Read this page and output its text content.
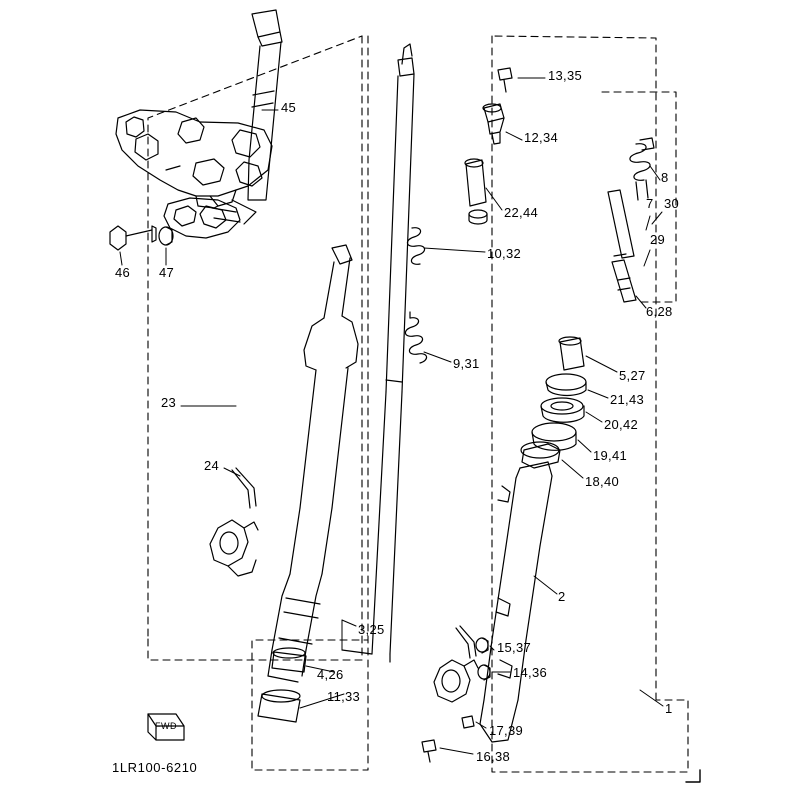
45
13,35
12,34
8
7 30
29
22,44
10,32
6,28
9,31
5,27
21,43
20,42
19,41
18,40
23
24
2
3,25
4,26
11,33
15,37
14,36
17,39
16,38
1
46 47
FWD
1LR100-6210
